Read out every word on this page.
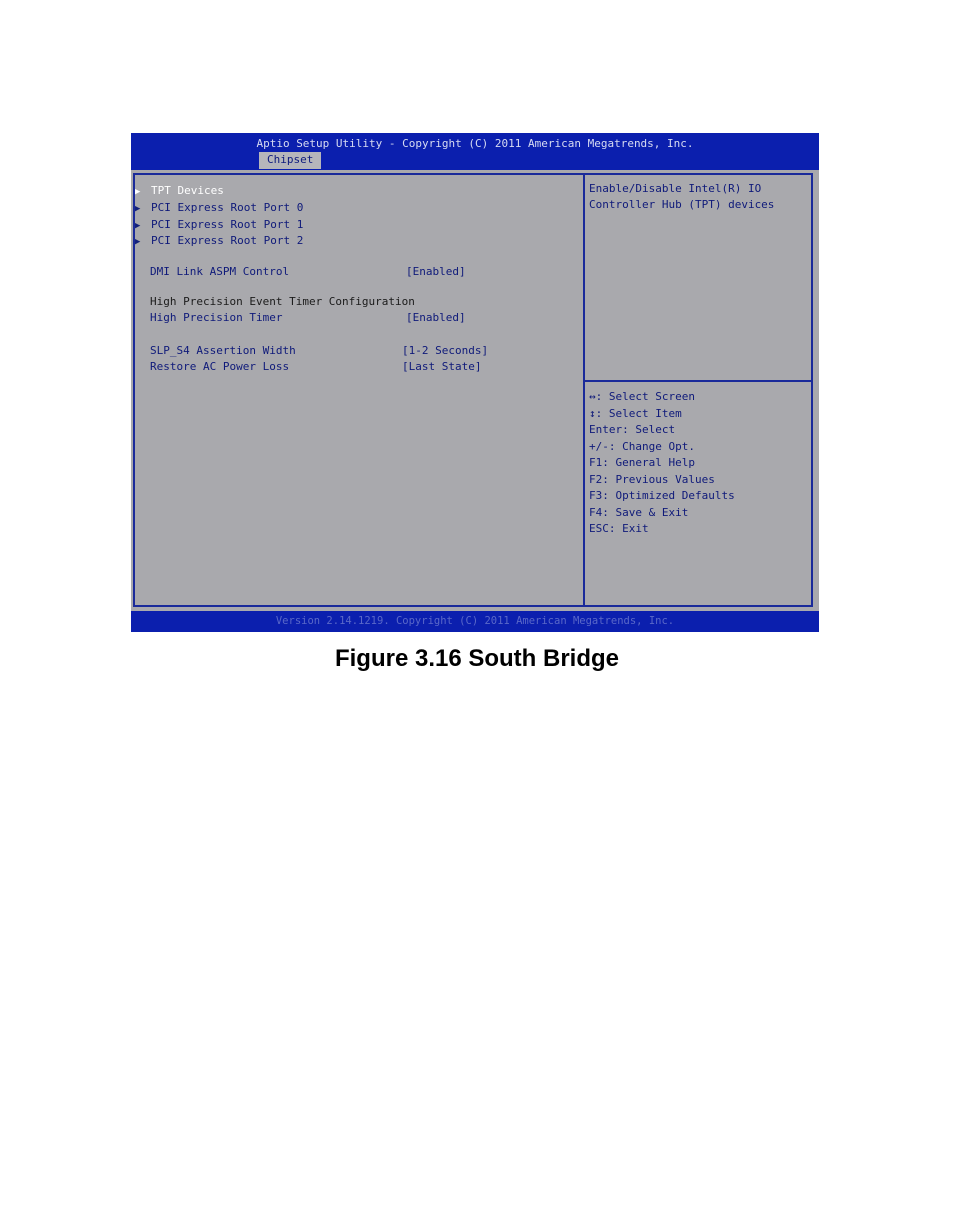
Aptio Setup Utility - Copyright (C) 2011 American Megatrends, Inc.
Chipset
▶ TPT Devices
▶ PCI Express Root Port 0
▶ PCI Express Root Port 1
▶ PCI Express Root Port 2
DMI Link ASPM Control	[Enabled]
High Precision Event Timer Configuration
High Precision Timer	[Enabled]
SLP_S4 Assertion Width	[1-2 Seconds]
Restore AC Power Loss	[Last State]
Enable/Disable Intel(R) IO
Controller Hub (TPT) devices
↔: Select Screen
↕: Select Item
Enter: Select
+/-: Change Opt.
F1: General Help
F2: Previous Values
F3: Optimized Defaults
F4: Save & Exit
ESC: Exit
Version 2.14.1219. Copyright (C) 2011 American Megatrends, Inc.
Figure 3.16 South Bridge
